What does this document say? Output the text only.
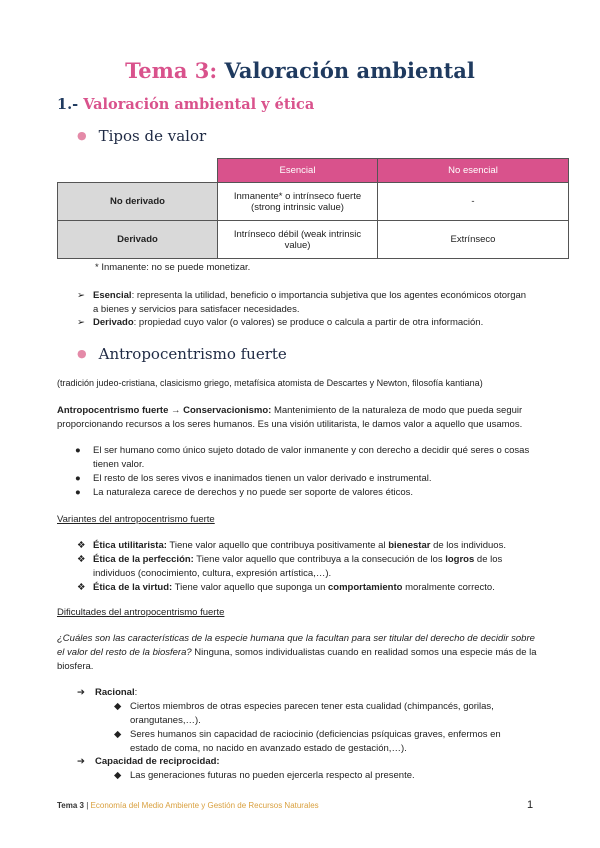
Tema 3: Valoración ambiental
1.- Valoración ambiental y ética
● Tipos de valor
	Esencial	No esencial
No derivado	Inmanente* o intrínseco fuerte (strong intrinsic value)	-
Derivado	Intrínseco débil (weak intrinsic value)	Extrínseco
* Inmanente: no se puede monetizar.
➢ Esencial: representa la utilidad, beneficio o importancia subjetiva que los agentes económicos otorgan a bienes y servicios para satisfacer necesidades.
➢ Derivado: propiedad cuyo valor (o valores) se produce o calcula a partir de otra información.
● Antropocentrismo fuerte
(tradición judeo-cristiana, clasicismo griego, metafísica atomista de Descartes y Newton, filosofía kantiana)
Antropocentrismo fuerte → Conservacionismo: Mantenimiento de la naturaleza de modo que pueda seguir proporcionando recursos a los seres humanos. Es una visión utilitarista, le damos valor a aquello que usamos.
● El ser humano como único sujeto dotado de valor inmanente y con derecho a decidir qué seres o cosas tienen valor.
● El resto de los seres vivos e inanimados tienen un valor derivado e instrumental.
● La naturaleza carece de derechos y no puede ser soporte de valores éticos.
Variantes del antropocentrismo fuerte
❖ Ética utilitarista: Tiene valor aquello que contribuya positivamente al bienestar de los individuos.
❖ Ética de la perfección: Tiene valor aquello que contribuya a la consecución de los logros de los individuos (conocimiento, cultura, expresión artística,…).
❖ Ética de la virtud: Tiene valor aquello que suponga un comportamiento moralmente correcto.
Dificultades del antropocentrismo fuerte
¿Cuáles son las características de la especie humana que la facultan para ser titular del derecho de decidir sobre el valor del resto de la biosfera? Ninguna, somos individualistas cuando en realidad somos una especie más de la biosfera.
➔ Racional:
◆ Ciertos miembros de otras especies parecen tener esta cualidad (chimpancés, gorilas, orangutanes,…).
◆ Seres humanos sin capacidad de raciocinio (deficiencias psíquicas graves, enfermos en estado de coma, no nacido en avanzado estado de gestación,…).
➔ Capacidad de reciprocidad:
◆ Las generaciones futuras no pueden ejercerla respecto al presente.
Tema 3 | Economía del Medio Ambiente y Gestión de Recursos Naturales	1
